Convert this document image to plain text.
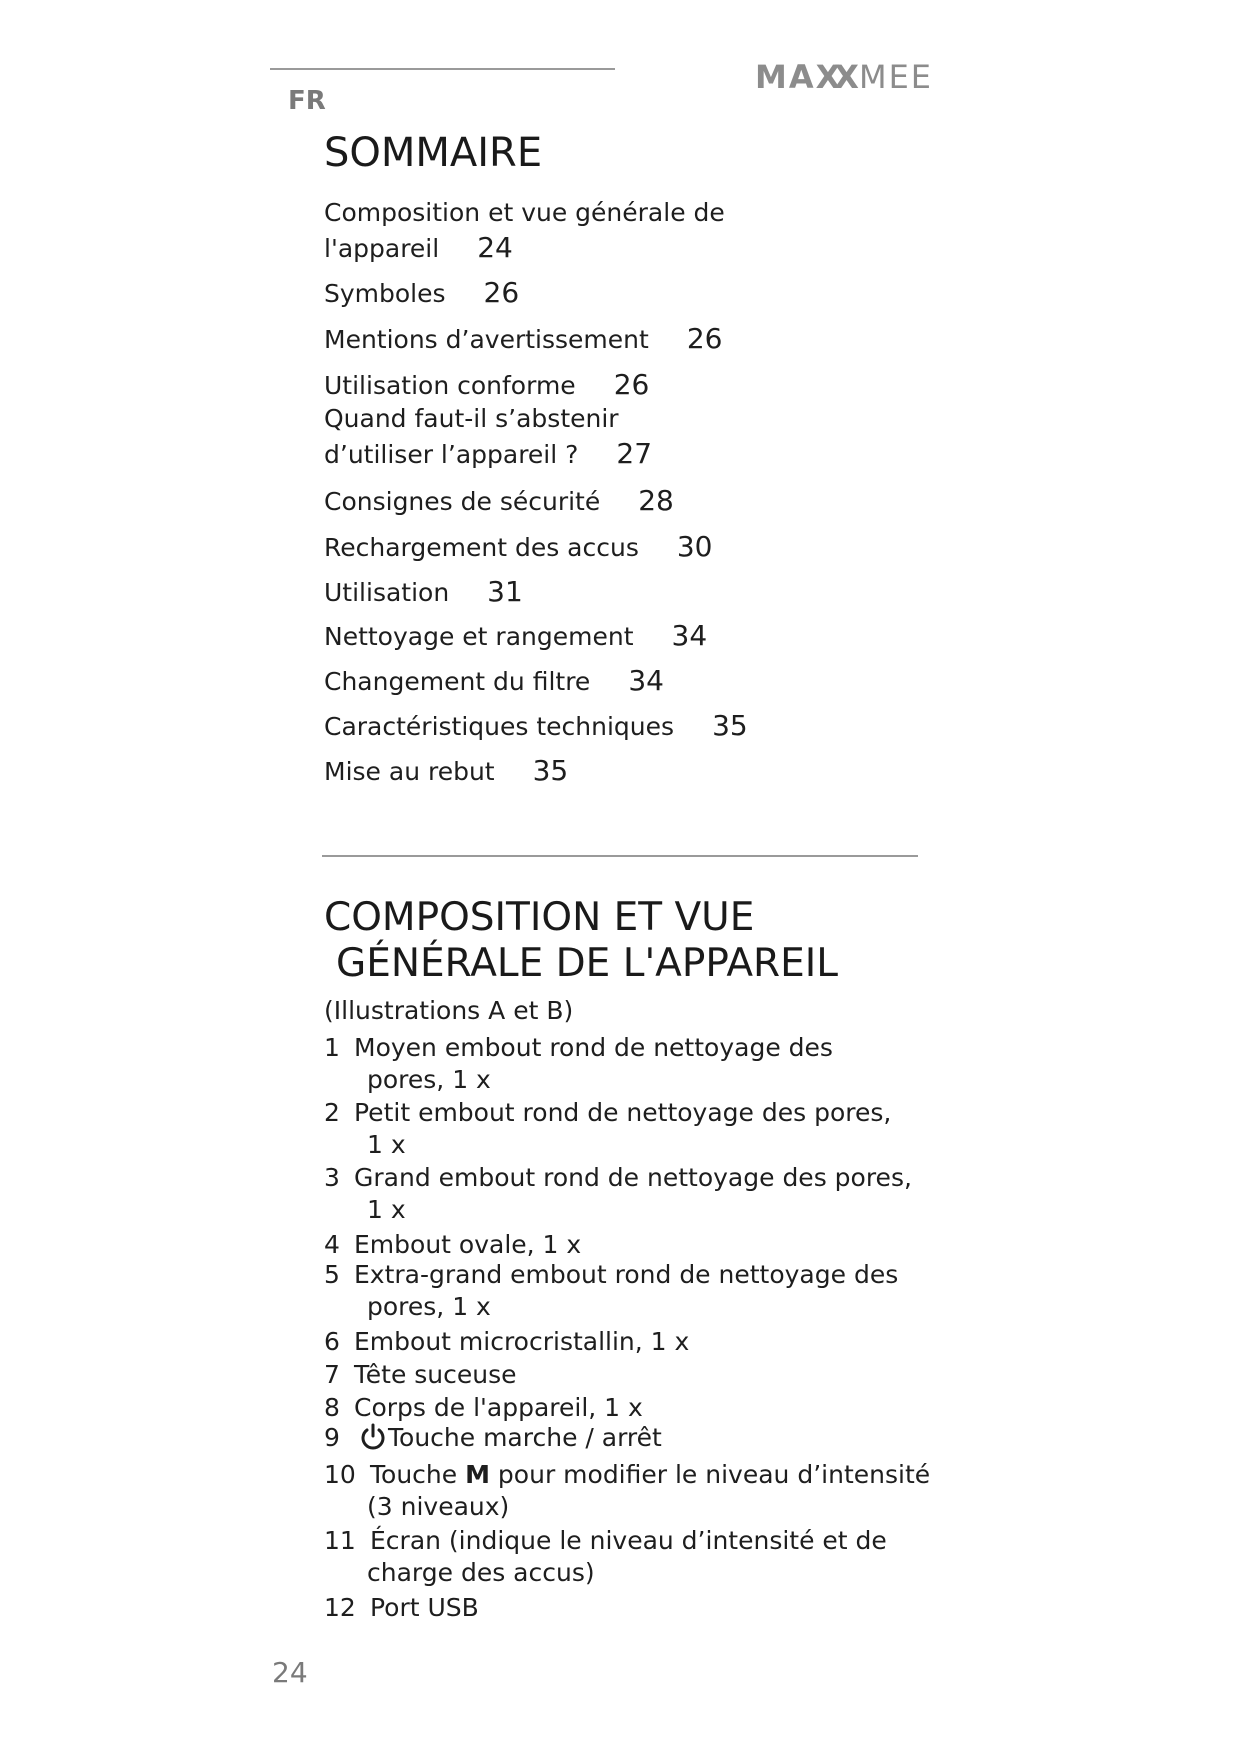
FR
MAXX MEE
SOMMAIRE
Composition et vue générale de
l'appareil 24
Symboles 26
Mentions d’avertissement 26
Utilisation conforme 26
Quand faut-il s’abstenir
d’utiliser l’appareil ? 27
Consignes de sécurité 28
Rechargement des accus 30
Utilisation 31
Nettoyage et rangement 34
Changement du filtre 34
Caractéristiques techniques 35
Mise au rebut 35
COMPOSITION ET VUE
GÉNÉRALE DE L'APPAREIL
(Illustrations A et B)
1 Moyen embout rond de nettoyage des
pores, 1 x
2 Petit embout rond de nettoyage des pores,
1 x
3 Grand embout rond de nettoyage des pores,
1 x
4 Embout ovale, 1 x
5 Extra-grand embout rond de nettoyage des
pores, 1 x
6 Embout microcristallin, 1 x
7 Tête suceuse
8 Corps de l'appareil, 1 x
9 Touche marche / arrêt
10 Touche M pour modifier le niveau d’intensité
(3 niveaux)
11 Écran (indique le niveau d’intensité et de
charge des accus)
12 Port USB
24
